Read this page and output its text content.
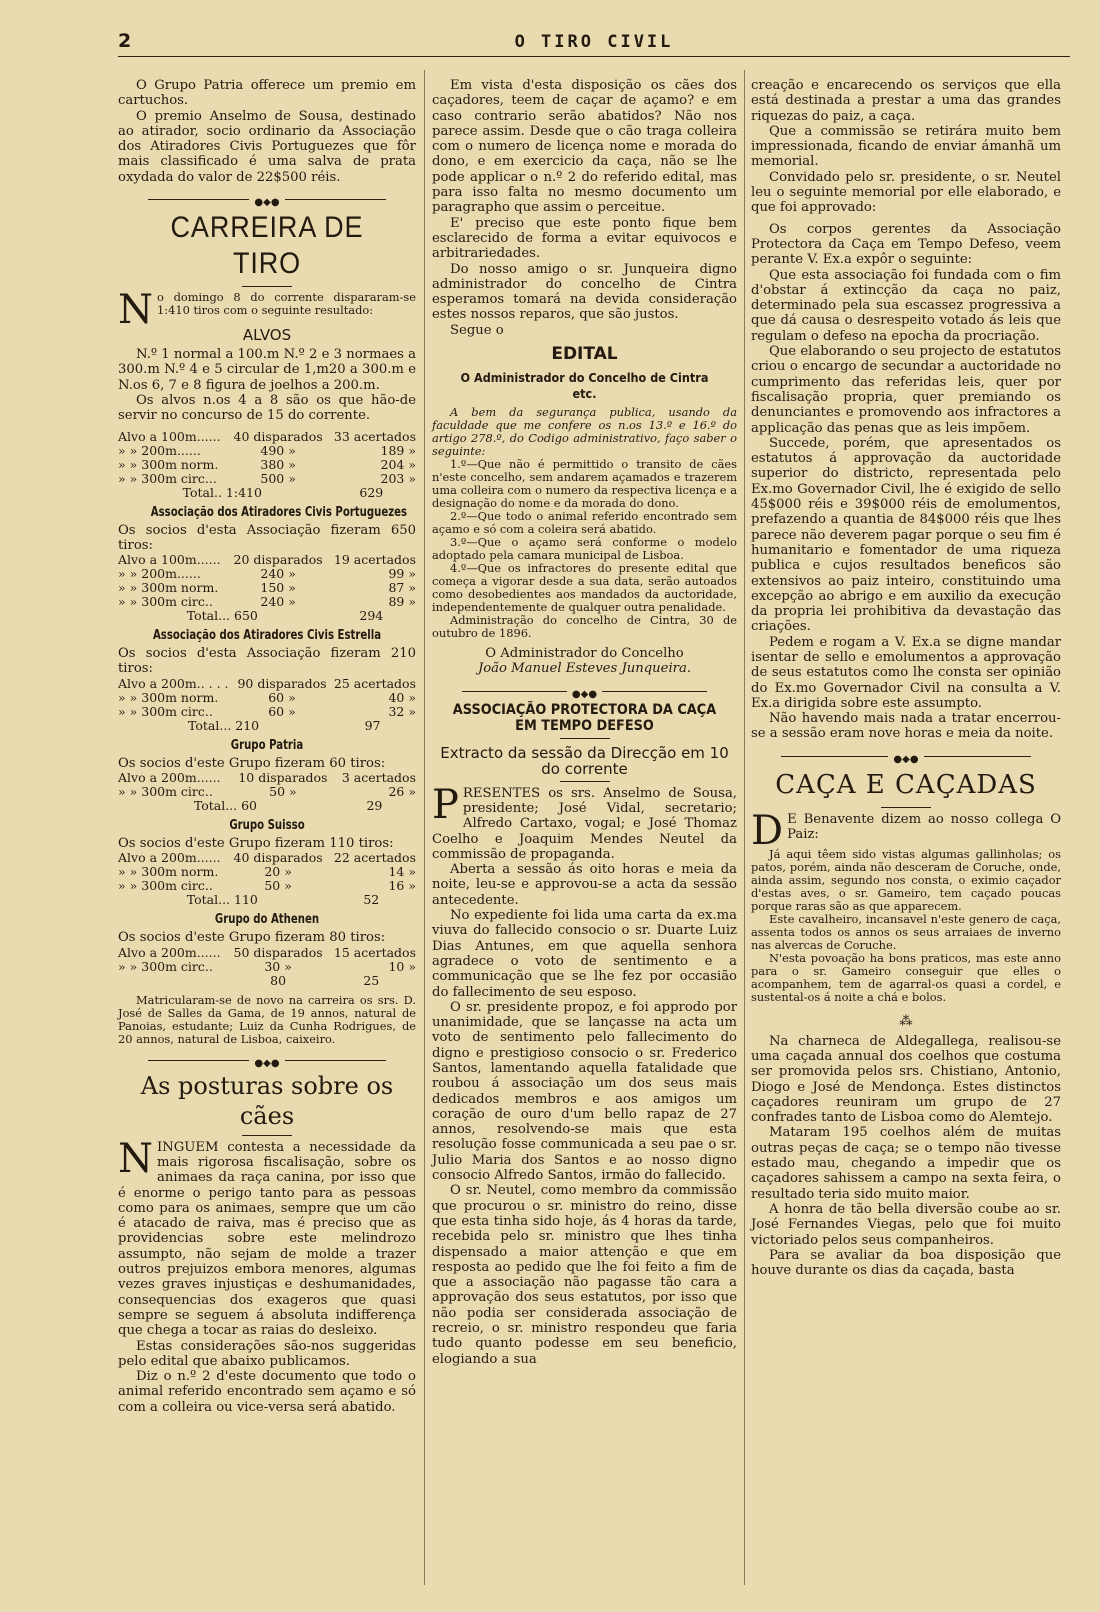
2	O TIRO CIVIL

O Grupo Patria offerece um premio em cartuchos.

O premio Anselmo de Sousa, destinado ao atirador, socio ordinario da Associação dos Atiradores Civis Portuguezes que fôr mais classificado é uma salva de prata oxydada do valor de 22$500 réis.

●◆●
CARREIRA DE TIRO

No domingo 8 do corrente dispararam-se 1:410 tiros com o seguinte resultado:

ALVOS

N.º 1 normal a 100.m N.º 2 e 3 normaes a 300.m N.º 4 e 5 circular de 1,m20 a 300.m e N.os 6, 7 e 8 figura de joelhos a 200.m.

Os alvos n.os 4 a 8 são os que hão-de servir no concurso de 15 do corrente.

Alvo a 100m......	40 disparados	33 acertados
» » 200m......	490 »	189 »
» » 300m norm.	380 »	204 »
» » 300m circ...	500 »	203 »
Total.. 1:410		629
Associação dos Atiradores Civis Portuguezes

Os socios d'esta Associação fizeram 650 tiros:

Alvo a 100m......	20 disparados	19 acertados
» » 200m......	240 »	99 »
» » 300m norm.	150 »	87 »
» » 300m circ..	240 »	89 »
Total... 650		294
Associação dos Atiradores Civis Estrella

Os socios d'esta Associação fizeram 210 tiros:

Alvo a 200m.. . . .	90 disparados	25 acertados
» » 300m norm.	60 »	40 »
» » 300m circ..	60 »	32 »
Total... 210		97
Grupo Patria

Os socios d'este Grupo fizeram 60 tiros:

Alvo a 200m......	10 disparados	3 acertados
» » 300m circ..	50 »	26 »
Total... 60		29
Grupo Suisso

Os socios d'este Grupo fizeram 110 tiros:

Alvo a 200m......	40 disparados	22 acertados
» » 300m norm.	20 »	14 »
» » 300m circ..	50 »	16 »
Total... 110		52
Grupo do Athenen

Os socios d'este Grupo fizeram 80 tiros:

Alvo a 200m......	50 disparados	15 acertados
» » 300m circ..	30 »	10 »
	80	25

Matricularam-se de novo na carreira os srs. D. José de Salles da Gama, de 19 annos, natural de Panoias, estudante; Luiz da Cunha Rodrigues, de 20 annos, natural de Lisboa, caixeiro.

●◆●
As posturas sobre os cães

NINGUEM contesta a necessidade da mais rigorosa fiscalisação, sobre os animaes da raça canina, por isso que é enorme o perigo tanto para as pessoas como para os animaes, sempre que um cão é atacado de raiva, mas é preciso que as providencias sobre este melindrozo assumpto, não sejam de molde a trazer outros prejuizos embora menores, algumas vezes graves injustiças e deshumanidades, consequencias dos exageros que quasi sempre se seguem á absoluta indifferença que chega a tocar as raias do desleixo.

Estas considerações são-nos suggeridas pelo edital que abaixo publicamos.

Diz o n.º 2 d'este documento que todo o animal referido encontrado sem açamo e só com a colleira ou vice-versa será abatido.

Em vista d'esta disposição os cães dos caçadores, teem de caçar de açamo? e em caso contrario serão abatidos? Não nos parece assim. Desde que o cão traga colleira com o numero de licença nome e morada do dono, e em exercicio da caça, não se lhe pode applicar o n.º 2 do referido edital, mas para isso falta no mesmo documento um paragrapho que assim o perceitue.

E' preciso que este ponto fique bem esclarecido de forma a evitar equivocos e arbitrariedades.

Do nosso amigo o sr. Junqueira digno administrador do concelho de Cintra esperamos tomará na devida consideração estes nossos reparos, que são justos.

Segue o

EDITAL
O Administrador do Concelho de Cintra etc.

A bem da segurança publica, usando da faculdade que me confere os n.os 13.º e 16.º do artigo 278.º, do Codigo administrativo, faço saber o seguinte:

1.º—Que não é permittido o transito de cães n'este concelho, sem andarem açamados e trazerem uma colleira com o numero da respectiva licença e a designação do nome e da morada do dono.

2.º—Que todo o animal referido encontrado sem açamo e só com a coleira será abatido.

3.º—Que o açamo será conforme o modelo adoptado pela camara municipal de Lisboa.

4.º—Que os infractores do presente edital que começa a vigorar desde a sua data, serão autoados como desobedientes aos mandados da auctoridade, independentemente de qualquer outra penalidade.

Administração do concelho de Cintra, 30 de outubro de 1896.

O Administrador do Concelho
João Manuel Esteves Junqueira.
●◆●
ASSOCIAÇÃO PROTECTORA DA CAÇA EM TEMPO DEFESO
Extracto da sessão da Direcção em 10 do corrente

PRESENTES os srs. Anselmo de Sousa, presidente; José Vidal, secretario; Alfredo Cartaxo, vogal; e José Thomaz Coelho e Joaquim Mendes Neutel da commissão de propaganda.

Aberta a sessão ás oito horas e meia da noite, leu-se e approvou-se a acta da sessão antecedente.

No expediente foi lida uma carta da ex.ma viuva do fallecido consocio o sr. Duarte Luiz Dias Antunes, em que aquella senhora agradece o voto de sentimento e a communicação que se lhe fez por occasião do fallecimento de seu esposo.

O sr. presidente propoz, e foi approdo por unanimidade, que se lançasse na acta um voto de sentimento pelo fallecimento do digno e prestigioso consocio o sr. Frederico Santos, lamentando aquella fatalidade que roubou á associação um dos seus mais dedicados membros e aos amigos um coração de ouro d'um bello rapaz de 27 annos, resolvendo-se mais que esta resolução fosse communicada a seu pae o sr. Julio Maria dos Santos e ao nosso digno consocio Alfredo Santos, irmão do fallecido.

O sr. Neutel, como membro da commissão que procurou o sr. ministro do reino, disse que esta tinha sido hoje, ás 4 horas da tarde, recebida pelo sr. ministro que lhes tinha dispensado a maior attenção e que em resposta ao pedido que lhe foi feito a fim de que a associação não pagasse tão cara a approvação dos seus estatutos, por isso que não podia ser considerada associação de recreio, o sr. ministro respondeu que faria tudo quanto podesse em seu beneficio, elogiando a sua

creação e encarecendo os serviços que ella está destinada a prestar a uma das grandes riquezas do paiz, a caça.

Que a commissão se retirára muito bem impressionada, ficando de enviar ámanhã um memorial.

Convidado pelo sr. presidente, o sr. Neutel leu o seguinte memorial por elle elaborado, e que foi approvado:

Os corpos gerentes da Associação Protectora da Caça em Tempo Defeso, veem perante V. Ex.a expôr o seguinte:

Que esta associação foi fundada com o fim d'obstar á extincção da caça no paiz, determinado pela sua escassez progressiva a que dá causa o desrespeito votado ás leis que regulam o defeso na epocha da procriação.

Que elaborando o seu projecto de estatutos criou o encargo de secundar a auctoridade no cumprimento das referidas leis, quer por fiscalisação propria, quer premiando os denunciantes e promovendo aos infractores a applicação das penas que as leis impõem.

Succede, porém, que apresentados os estatutos á approvação da auctoridade superior do districto, representada pelo Ex.mo Governador Civil, lhe é exigido de sello 45$000 réis e 39$000 réis de emolumentos, prefazendo a quantia de 84$000 réis que lhes parece não deverem pagar porque o seu fim é humanitario e fomentador de uma riqueza publica e cujos resultados beneficos são extensivos ao paiz inteiro, constituindo uma excepção ao abrigo e em auxilio da execução da propria lei prohibitiva da devastação das criações.

Pedem e rogam a V. Ex.a se digne mandar isentar de sello e emolumentos a approvação de seus estatutos como lhe consta ser opinião do Ex.mo Governador Civil na consulta a V. Ex.a dirigida sobre este assumpto.

Não havendo mais nada a tratar encerrou-se a sessão eram nove horas e meia da noite.

●◆●
CAÇA E CAÇADAS

D E Benavente dizem ao nosso collega O Paiz:

Já aqui têem sido vistas algumas gallinholas; os patos, porém, ainda não desceram de Coruche, onde, ainda assim, segundo nos consta, o eximio caçador d'estas aves, o sr. Gameiro, tem caçado poucas porque raras são as que apparecem.

Este cavalheiro, incansavel n'este genero de caça, assenta todos os annos os seus arraiaes de inverno nas alvercas de Coruche.

N'esta povoação ha bons praticos, mas este anno para o sr. Gameiro conseguir que elles o acompanhem, tem de agarral-os quasi a cordel, e sustental-os á noite a chá e bolos.

⁂

Na charneca de Aldegallega, realisou-se uma caçada annual dos coelhos que costuma ser promovida pelos srs. Chistiano, Antonio, Diogo e José de Mendonça. Estes distinctos caçadores reuniram um grupo de 27 confrades tanto de Lisboa como do Alemtejo.

Mataram 195 coelhos além de muitas outras peças de caça; se o tempo não tivesse estado mau, chegando a impedir que os caçadores sahissem a campo na sexta feira, o resultado teria sido muito maior.

A honra de tão bella diversão coube ao sr. José Fernandes Viegas, pelo que foi muito victoriado pelos seus companheiros.

Para se avaliar da boa disposição que houve durante os dias da caçada, basta
